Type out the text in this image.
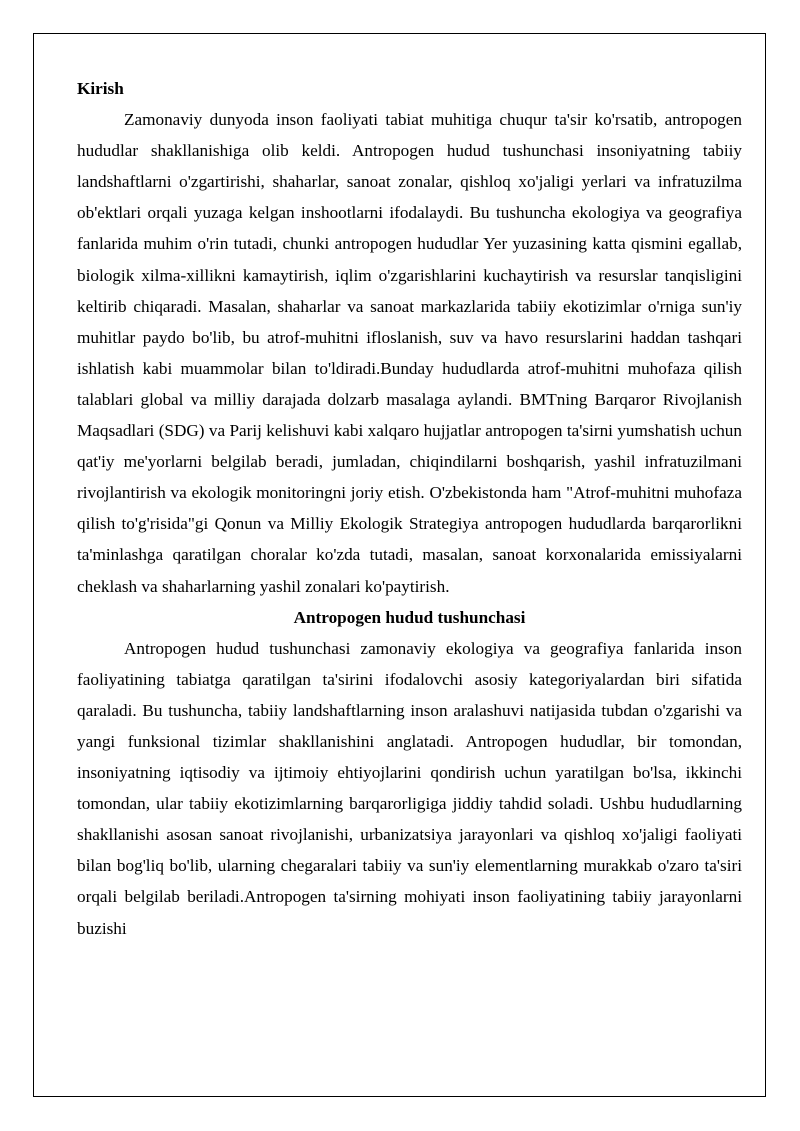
Kirish

Zamonaviy dunyoda inson faoliyati tabiat muhitiga chuqur ta'sir ko'rsatib, antropogen hududlar shakllanishiga olib keldi. Antropogen hudud tushunchasi insoniyatning tabiiy landshaftlarni o'zgartirishi, shaharlar, sanoat zonalar, qishloq xo'jaligi yerlari va infratuzilma ob'ektlari orqali yuzaga kelgan inshootlarni ifodalaydi. Bu tushuncha ekologiya va geografiya fanlarida muhim o'rin tutadi, chunki antropogen hududlar Yer yuzasining katta qismini egallab, biologik xilma-xillikni kamaytirish, iqlim o'zgarishlarini kuchaytirish va resurslar tanqisligini keltirib chiqaradi. Masalan, shaharlar va sanoat markazlarida tabiiy ekotizimlar o'rniga sun'iy muhitlar paydo bo'lib, bu atrof-muhitni ifloslanish, suv va havo resurslarini haddan tashqari ishlatish kabi muammolar bilan to'ldiradi.Bunday hududlarda atrof-muhitni muhofaza qilish talablari global va milliy darajada dolzarb masalaga aylandi. BMTning Barqaror Rivojlanish Maqsadlari (SDG) va Parij kelishuvi kabi xalqaro hujjatlar antropogen ta'sirni yumshatish uchun qat'iy me'yorlarni belgilab beradi, jumladan, chiqindilarni boshqarish, yashil infratuzilmani rivojlantirish va ekologik monitoringni joriy etish. O'zbekistonda ham "Atrof-muhitni muhofaza qilish to'g'risida"gi Qonun va Milliy Ekologik Strategiya antropogen hududlarda barqarorlikni ta'minlashga qaratilgan choralar ko'zda tutadi, masalan, sanoat korxonalarida emissiyalarni cheklash va shaharlarning yashil zonalari ko'paytirish.

Antropogen hudud tushunchasi

Antropogen hudud tushunchasi zamonaviy ekologiya va geografiya fanlarida inson faoliyatining tabiatga qaratilgan ta'sirini ifodalovchi asosiy kategoriyalardan biri sifatida qaraladi. Bu tushuncha, tabiiy landshaftlarning inson aralashuvi natijasida tubdan o'zgarishi va yangi funksional tizimlar shakllanishini anglatadi. Antropogen hududlar, bir tomondan, insoniyatning iqtisodiy va ijtimoiy ehtiyojlarini qondirish uchun yaratilgan bo'lsa, ikkinchi tomondan, ular tabiiy ekotizimlarning barqarorligiga jiddiy tahdid soladi. Ushbu hududlarning shakllanishi asosan sanoat rivojlanishi, urbanizatsiya jarayonlari va qishloq xo'jaligi faoliyati bilan bog'liq bo'lib, ularning chegaralari tabiiy va sun'iy elementlarning murakkab o'zaro ta'siri orqali belgilab beriladi.Antropogen ta'sirning mohiyati inson faoliyatining tabiiy jarayonlarni buzishi
